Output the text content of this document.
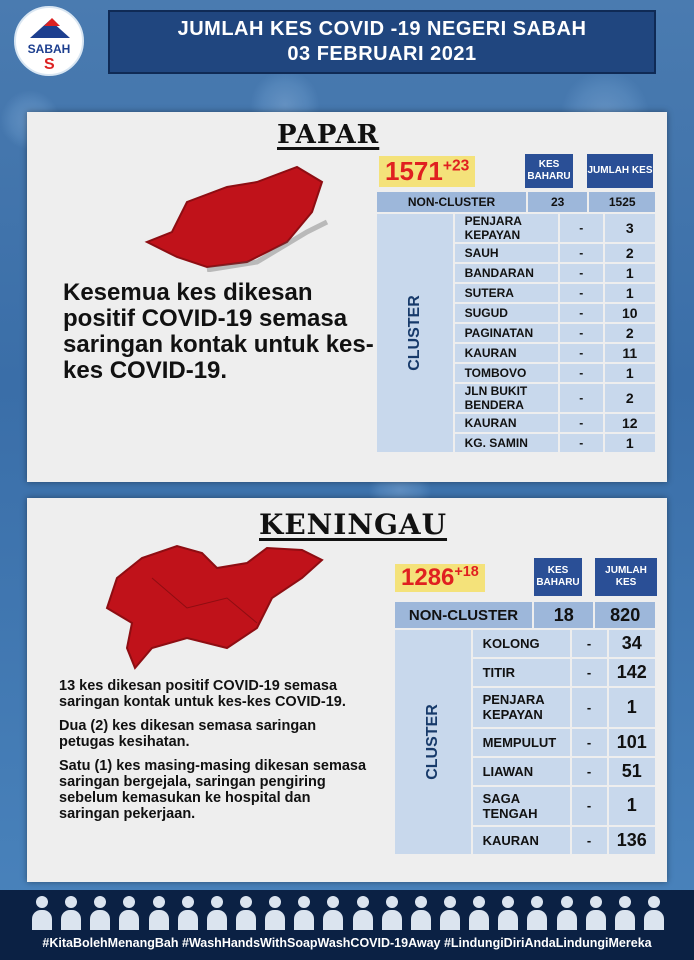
SABAH
S
JUMLAH KES COVID -19 NEGERI SABAH
03 FEBRUARI 2021
PAPAR
Kesemua kes dikesan positif COVID-19 semasa saringan kontak untuk kes-kes COVID-19.
$1571^{+23}$	KES BAHARU
JUMLAH KES
NON-CLUSTER	23	1525
CLUSTER	PENJARA KEPAYAN	-	3
	SAUH	-	2
	BANDARAN	-	1
	SUTERA	-	1
	SUGUD	-	10
	PAGINATAN	-	2
	KAURAN	-	11
	TOMBOVO	-	1
	JLN BUKIT BENDERA	-	2
	KAURAN	-	12
	KG. SAMIN	-	1
KENINGAU

13 kes dikesan positif COVID-19 semasa saringan kontak untuk kes-kes COVID-19.

Dua (2) kes dikesan semasa saringan petugas kesihatan.

Satu (1) kes masing-masing dikesan semasa saringan bergejala, saringan pengiring sebelum kemasukan ke hospital dan saringan pekerjaan.

$1286^{+18}$	KES BAHARU
JUMLAH KES
NON-CLUSTER	18	820
CLUSTER	KOLONG	-	34
	TITIR	-	142
	PENJARA KEPAYAN	-	1
	MEMPULUT	-	101
	LIAWAN	-	51
	SAGA TENGAH	-	1
	KAURAN	-	136
#KitaBolehMenangBah #WashHandsWithSoapWashCOVID-19Away #LindungiDiriAndaLindungiMereka
